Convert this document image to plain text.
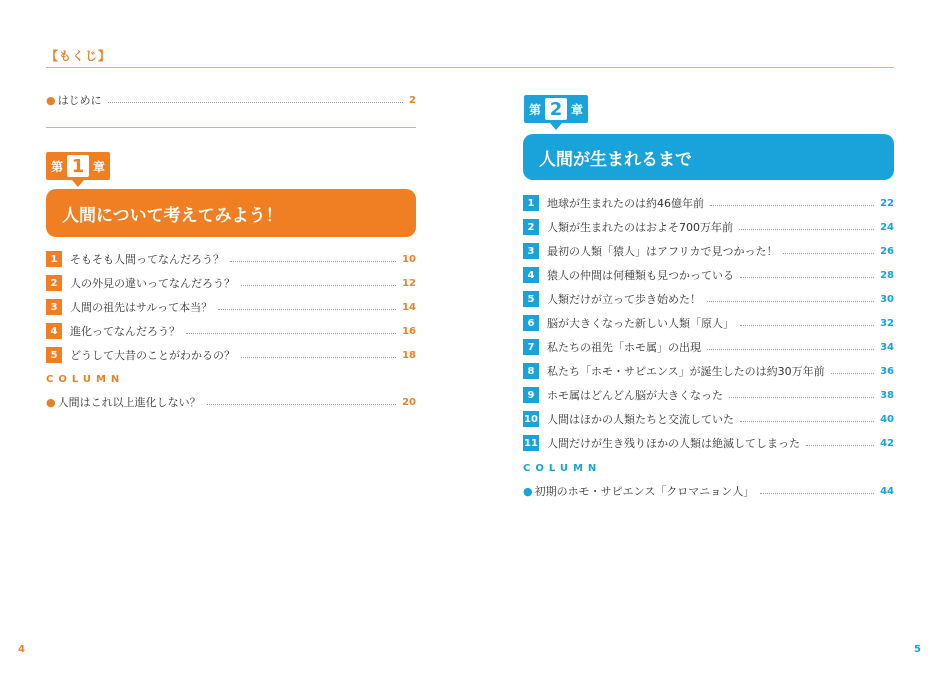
【もくじ】
● はじめに	2
第 1 章
人間について考えてみよう！
1	そもそも人間ってなんだろう？	10
2	人の外見の違いってなんだろう？	12
3	人間の祖先はサルって本当？	14
4	進化ってなんだろう？	16
5	どうして大昔のことがわかるの？	18
COLUMN
● 人間はこれ以上進化しない？	20
第 2 章
人間が生まれるまで
1	地球が生まれたのは約46億年前	22
2	人類が生まれたのはおよそ700万年前	24
3	最初の人類「猿人」はアフリカで見つかった！	26
4	猿人の仲間は何種類も見つかっている	28
5	人類だけが立って歩き始めた！	30
6	脳が大きくなった新しい人類「原人」	32
7	私たちの祖先「ホモ属」の出現	34
8	私たち「ホモ・サピエンス」が誕生したのは約30万年前	36
9	ホモ属はどんどん脳が大きくなった	38
10 人間はほかの人類たちと交流していた	40
11 人間だけが生き残りほかの人類は絶滅してしまった	42
COLUMN
● 初期のホモ・サピエンス「クロマニョン人」	44
4	5
